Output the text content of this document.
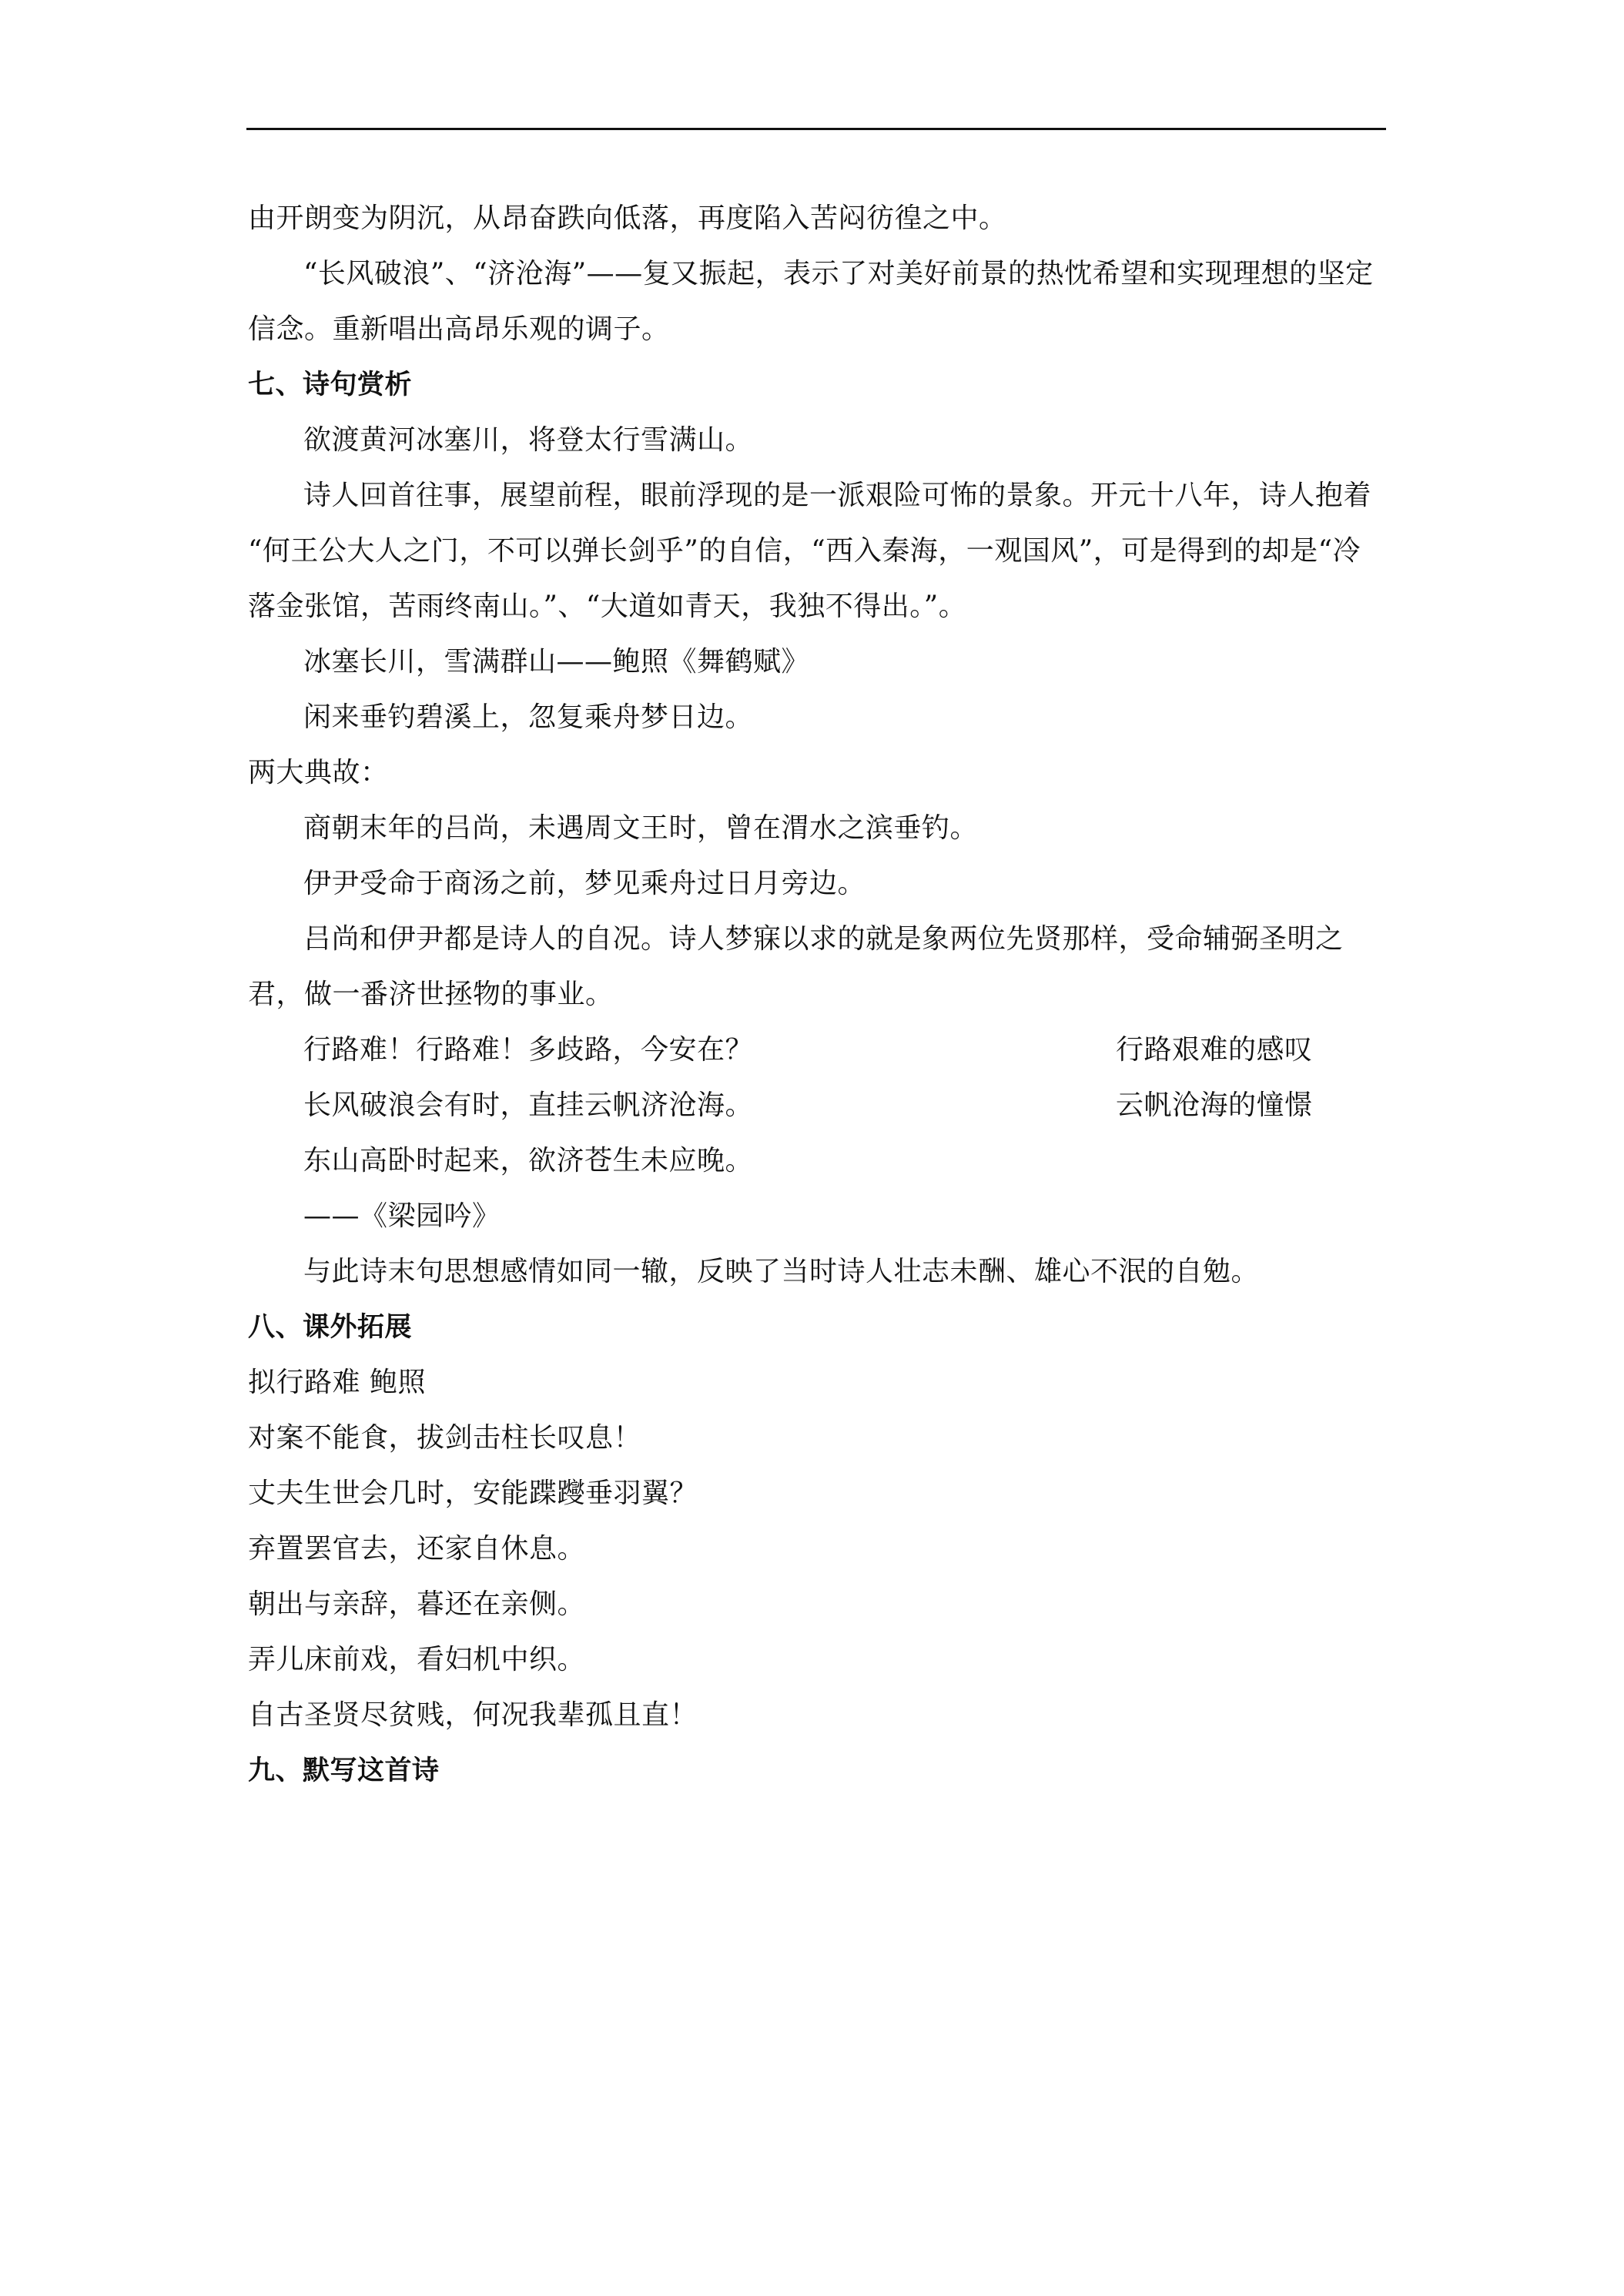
由开朗变为阴沉，从昂奋跌向低落，再度陷入苦闷彷徨之中。
“长风破浪”、“济沧海”——复又振起，表示了对美好前景的热忱希望和实现理想的坚定
信念。重新唱出高昂乐观的调子。
七、诗句赏析
欲渡黄河冰塞川，将登太行雪满山。
诗人回首往事，展望前程，眼前浮现的是一派艰险可怖的景象。开元十八年，诗人抱着
“何王公大人之门，不可以弹长剑乎”的自信，“西入秦海，一观国风”，可是得到的却是“冷
落金张馆，苦雨终南山。”、“大道如青天，我独不得出。”。
冰塞长川，雪满群山——鲍照《舞鹤赋》
闲来垂钓碧溪上，忽复乘舟梦日边。
两大典故：
商朝末年的吕尚，未遇周文王时，曾在渭水之滨垂钓。
伊尹受命于商汤之前，梦见乘舟过日月旁边。
吕尚和伊尹都是诗人的自况。诗人梦寐以求的就是象两位先贤那样，受命辅弼圣明之
君，做一番济世拯物的事业。
行路难！行路难！多歧路，今安在？	行路艰难的感叹
长风破浪会有时，直挂云帆济沧海。	云帆沧海的憧憬
东山高卧时起来，欲济苍生未应晚。
——《梁园吟》
与此诗末句思想感情如同一辙，反映了当时诗人壮志未酬、雄心不泯的自勉。
八、课外拓展
拟行路难 鲍照
对案不能食，拔剑击柱长叹息！
丈夫生世会几时，安能蹀躞垂羽翼？
弃置罢官去，还家自休息。
朝出与亲辞，暮还在亲侧。
弄儿床前戏，看妇机中织。
自古圣贤尽贫贱，何况我辈孤且直！
九、默写这首诗
